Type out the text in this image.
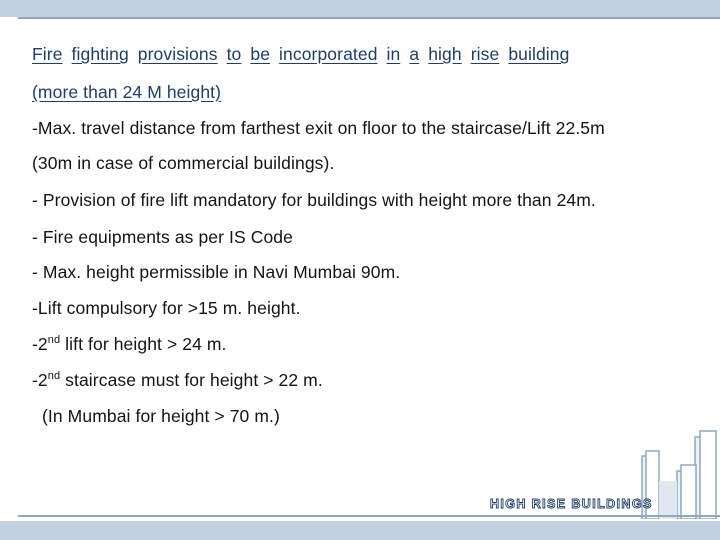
Fire fighting provisions to be incorporated in a high rise building
(more than 24 M height)
-Max. travel distance from farthest exit on floor to the staircase/Lift 22.5m
(30m in case of commercial buildings).
- Provision of fire lift mandatory for buildings with height more than 24m.
- Fire equipments as per IS Code
- Max. height permissible in Navi Mumbai 90m.
-Lift compulsory for >15 m. height.
-2nd lift for height > 24 m.
-2nd staircase must for height > 22 m.
(In Mumbai for height > 70 m.)
HIGH RISE BUILDINGS
